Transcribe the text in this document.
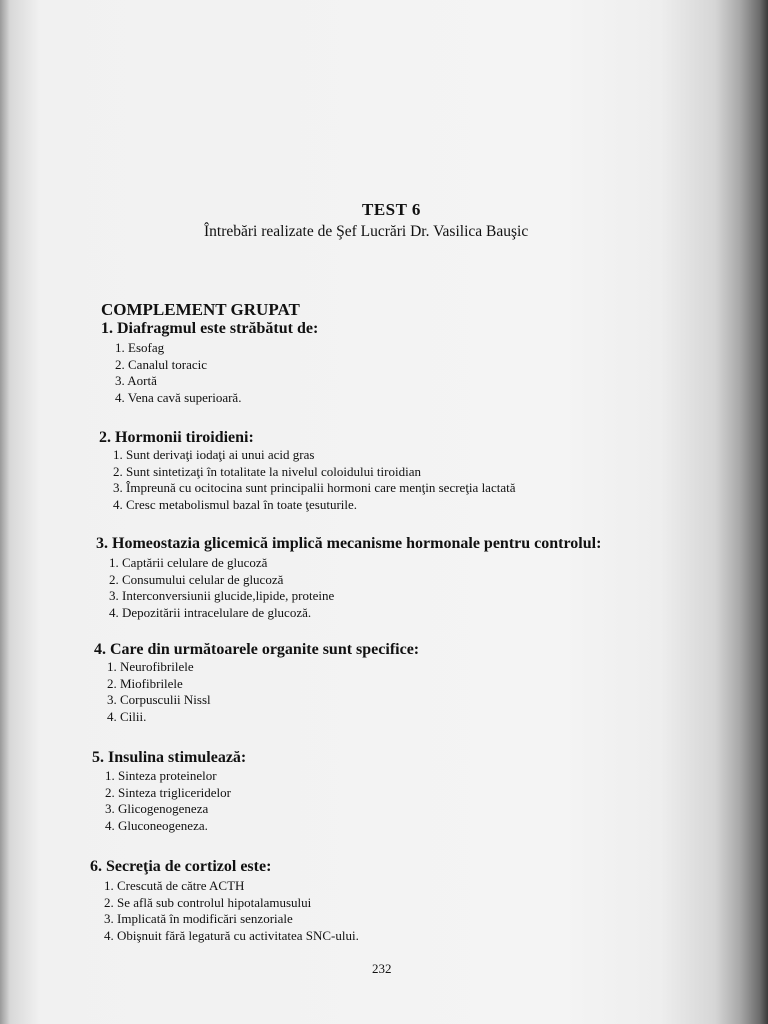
TEST 6
Întrebări realizate de Şef Lucrări Dr. Vasilica Bauşic
COMPLEMENT GRUPAT
1. Diafragmul este străbătut de:
1. Esofag
2. Canalul toracic
3. Aortă
4. Vena cavă superioară.
2. Hormonii tiroidieni:
1. Sunt derivaţi iodaţi ai unui acid gras
2. Sunt sintetizaţi în totalitate la nivelul coloidului tiroidian
3. Împreună cu ocitocina sunt principalii hormoni care menţin secreţia lactată
4. Cresc metabolismul bazal în toate ţesuturile.
3. Homeostazia glicemică implică mecanisme hormonale pentru controlul:
1. Captării celulare de glucoză
2. Consumului celular de glucoză
3. Interconversiunii glucide,lipide, proteine
4. Depozitării intracelulare de glucoză.
4. Care din următoarele organite sunt specifice:
1. Neurofibrilele
2. Miofibrilele
3. Corpusculii Nissl
4. Cilii.
5. Insulina stimulează:
1. Sinteza proteinelor
2. Sinteza trigliceridelor
3. Glicogenogeneza
4. Gluconeogeneza.
6. Secreţia de cortizol este:
1. Crescută de către ACTH
2. Se află sub controlul hipotalamusului
3. Implicată în modificări senzoriale
4. Obişnuit fără legatură cu activitatea SNC-ului.
232
